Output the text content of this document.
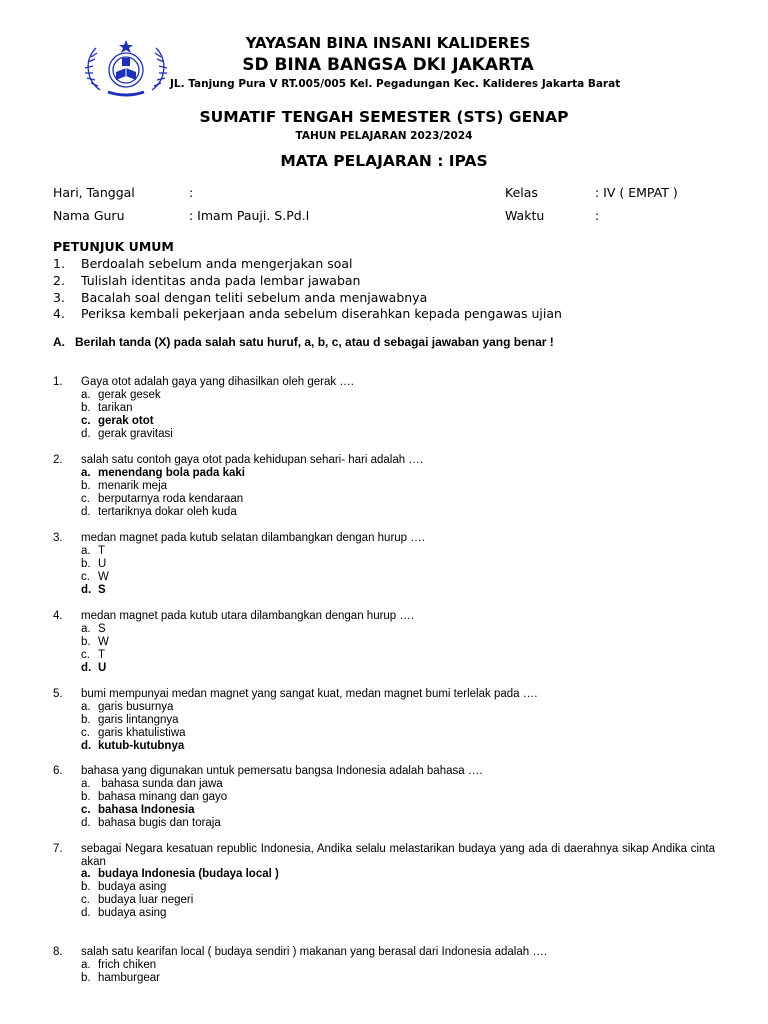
YAYASAN BINA INSANI KALIDERES
SD BINA BANGSA DKI JAKARTA
JL. Tanjung Pura V RT.005/005 Kel. Pegadungan Kec. Kalideres Jakarta Barat
SUMATIF TENGAH SEMESTER (STS) GENAP
TAHUN PELAJARAN 2023/2024
MATA PELAJARAN : IPAS
Hari, Tanggal	:
Nama Guru	: Imam Pauji. S.Pd.I
Kelas	: IV ( EMPAT )
Waktu	:
PETUNJUK UMUM
1. Berdoalah sebelum anda mengerjakan soal
2. Tulislah identitas anda pada lembar jawaban
3. Bacalah soal dengan teliti sebelum anda menjawabnya
4. Periksa kembali pekerjaan anda sebelum diserahkan kepada pengawas ujian
A. Berilah tanda (X) pada salah satu huruf, a, b, c, atau d sebagai jawaban yang benar !
1. Gaya otot adalah gaya yang dihasilkan oleh gerak ….
a. gerak gesek
b. tarikan
c. gerak otot
d. gerak gravitasi
2. salah satu contoh gaya otot pada kehidupan sehari- hari adalah ….
a. menendang bola pada kaki
b. menarik meja
c. berputarnya roda kendaraan
d. tertariknya dokar oleh kuda
3. medan magnet pada kutub selatan dilambangkan dengan hurup ….
a. T
b. U
c. W
d. S
4. medan magnet pada kutub utara dilambangkan dengan hurup ….
a. S
b. W
c. T
d. U
5. bumi mempunyai medan magnet yang sangat kuat, medan magnet bumi terlelak pada ….
a. garis busurnya
b. garis lintangnya
c. garis khatulistiwa
d. kutub-kutubnya
6. bahasa yang digunakan untuk pemersatu bangsa Indonesia adalah bahasa ….
a. bahasa sunda dan jawa
b. bahasa minang dan gayo
c. bahasa Indonesia
d. bahasa bugis dan toraja
7. sebagai Negara kesatuan republic Indonesia, Andika selalu melastarikan budaya yang ada di daerahnya sikap Andika cinta akan
a. budaya Indonesia (budaya local )
b. budaya asing
c. budaya luar negeri
d. budaya asing
8. salah satu kearifan local ( budaya sendiri ) makanan yang berasal dari Indonesia adalah ….
a. frich chiken
b. hamburgear
